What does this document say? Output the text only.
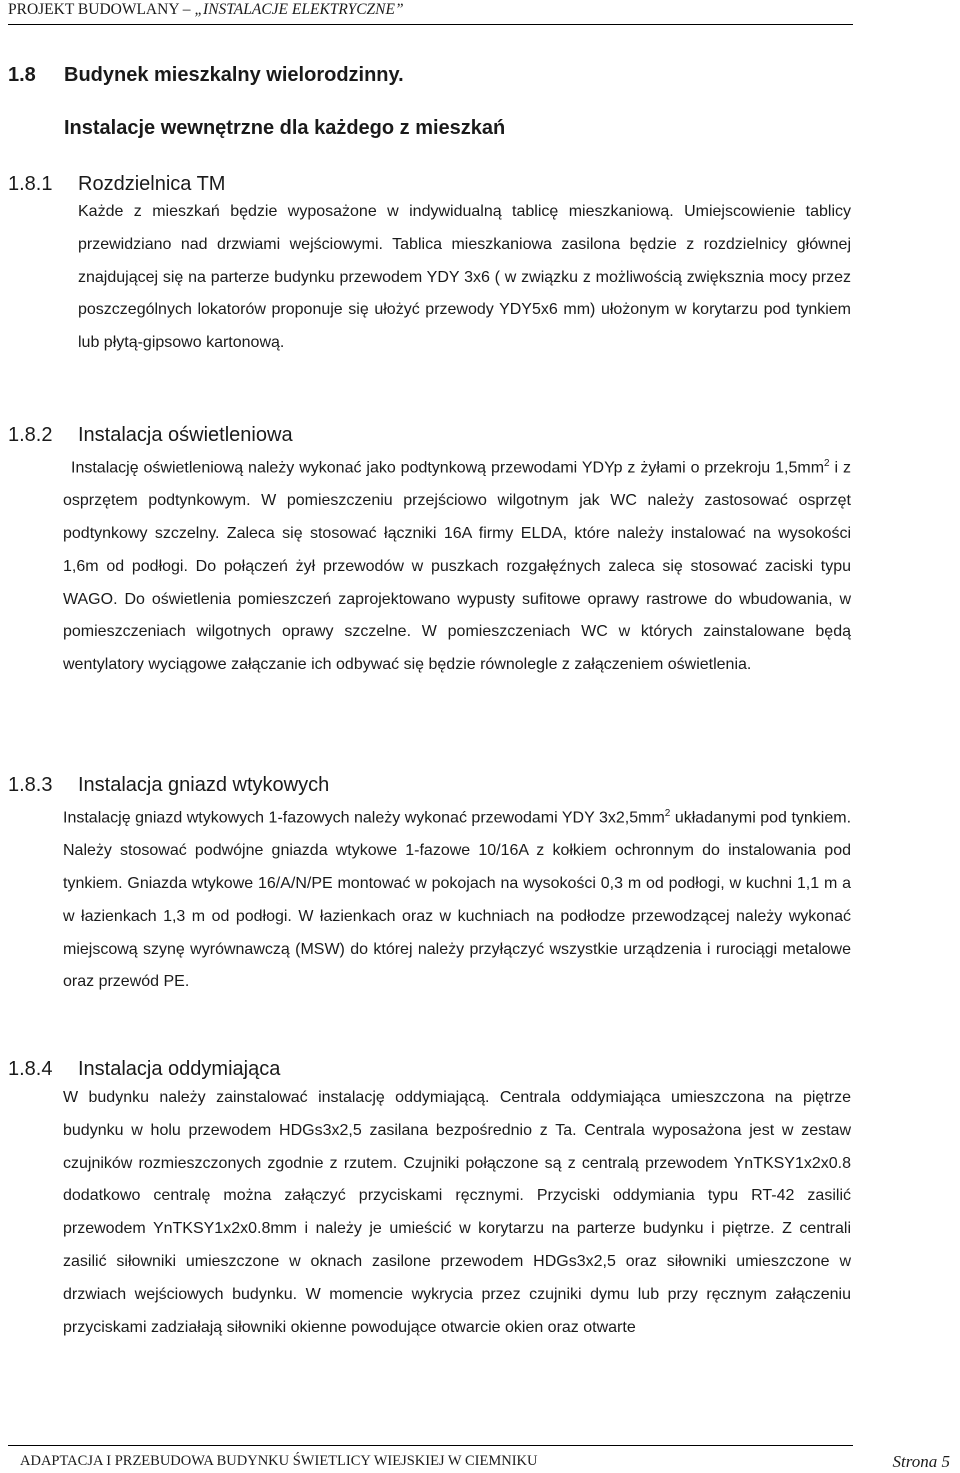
PROJEKT BUDOWLANY – „INSTALACJE ELEKTRYCZNE”
1.8 Budynek mieszkalny wielorodzinny.
Instalacje wewnętrzne dla każdego z mieszkań
1.8.1 Rozdzielnica TM

Każde z mieszkań będzie wyposażone w indywidualną tablicę mieszkaniową. Umiejscowienie tablicy przewidziano nad drzwiami wejściowymi. Tablica mieszkaniowa zasilona będzie z rozdzielnicy głównej znajdującej się na parterze budynku przewodem YDY 3x6 ( w związku z możliwością zwiększnia mocy przez poszczególnych lokatorów proponuje się ułożyć przewody YDY5x6 mm) ułożonym w korytarzu pod tynkiem lub płytą-gipsowo kartonową.

1.8.2 Instalacja oświetleniowa

Instalację oświetleniową należy wykonać jako podtynkową przewodami YDYp z żyłami o przekroju $1,5mm^2$ i z osprzętem podtynkowym. W pomieszczeniu przejściowo wilgotnym jak WC należy zastosować osprzęt podtynkowy szczelny. Zaleca się stosować łączniki 16A firmy ELDA, które należy instalować na wysokości 1,6m od podłogi. Do połączeń żył przewodów w puszkach rozgałęźnych zaleca się stosować zaciski typu WAGO. Do oświetlenia pomieszczeń zaprojektowano wypusty sufitowe oprawy rastrowe do wbudowania, w pomieszczeniach wilgotnych oprawy szczelne. W pomieszczeniach WC w których zainstalowane będą wentylatory wyciągowe załączanie ich odbywać się będzie równolegle z załączeniem oświetlenia.

1.8.3 Instalacja gniazd wtykowych

Instalację gniazd wtykowych 1-fazowych należy wykonać przewodami YDY $3x2,5mm^2$ układanymi pod tynkiem. Należy stosować podwójne gniazda wtykowe 1-fazowe 10/16A z kołkiem ochronnym do instalowania pod tynkiem. Gniazda wtykowe 16/A/N/PE montować w pokojach na wysokości 0,3 m od podłogi, w kuchni 1,1 m a w łazienkach 1,3 m od podłogi. W łazienkach oraz w kuchniach na podłodze przewodzącej należy wykonać miejscową szynę wyrównawczą (MSW) do której należy przyłączyć wszystkie urządzenia i rurociągi metalowe oraz przewód PE.

1.8.4 Instalacja oddymiająca

W budynku należy zainstalować instalację oddymiającą. Centrala oddymiająca umieszczona na piętrze budynku w holu przewodem HDGs3x2,5 zasilana bezpośrednio z Ta. Centrala wyposażona jest w zestaw czujników rozmieszczonych zgodnie z rzutem. Czujniki połączone są z centralą przewodem YnTKSY1x2x0.8 dodatkowo centralę można załączyć przyciskami ręcznymi. Przyciski oddymiania typu RT-42 zasilić przewodem YnTKSY1x2x0.8mm i należy je umieścić w korytarzu na parterze budynku i piętrze. Z centrali zasilić siłowniki umieszczone w oknach zasilone przewodem HDGs3x2,5 oraz siłowniki umieszczone w drzwiach wejściowych budynku. W momencie wykrycia przez czujniki dymu lub przy ręcznym załączeniu przyciskami zadziałają siłowniki okienne powodujące otwarcie okien oraz otwarte

ADAPTACJA I PRZEBUDOWA BUDYNKU ŚWIETLICY WIEJSKIEJ W CIEMNIKU	Strona 5
